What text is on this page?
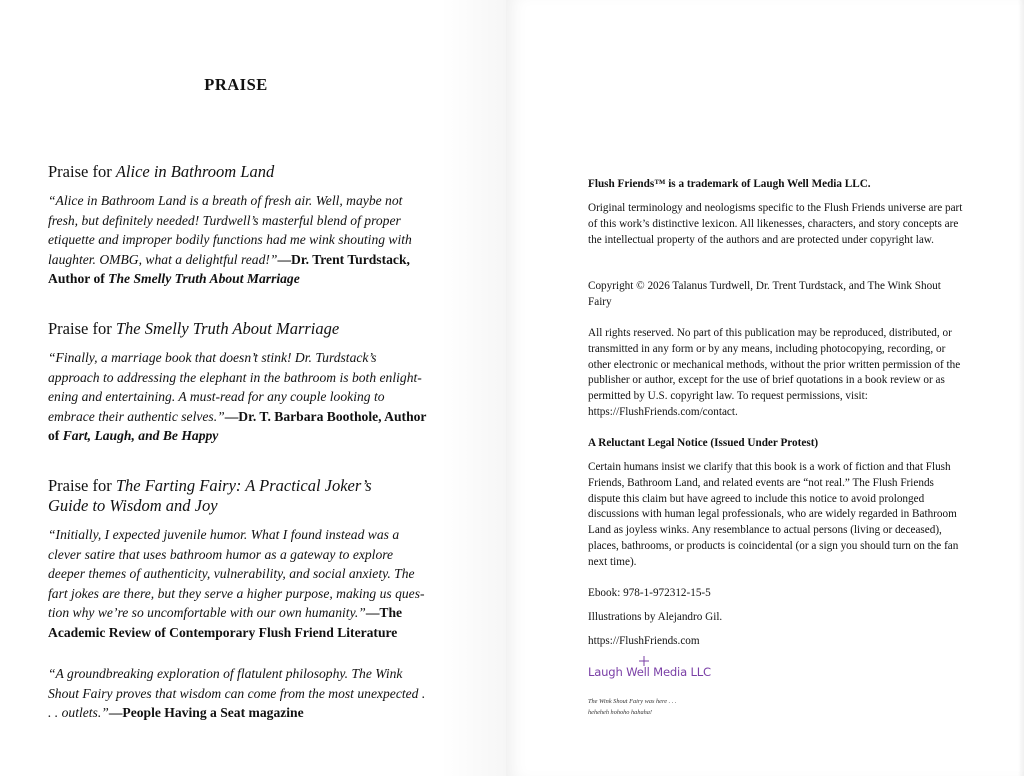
PRAISE
Praise for Alice in Bathroom Land

“Alice in Bathroom Land is a breath of fresh air. Well, maybe not fresh, but definitely needed! Turdwell’s masterful blend of proper etiquette and improper bodily functions had me wink shouting with laughter. OMBG, what a delightful read!”—Dr. Trent Turdstack, Author of The Smelly Truth About Marriage

Praise for The Smelly Truth About Marriage

“Finally, a marriage book that doesn’t stink! Dr. Turdstack’s approach to addressing the elephant in the bathroom is both enlight-ening and entertaining. A must-read for any couple looking to embrace their authentic selves.”—Dr. T. Barbara Boothole, Author of Fart, Laugh, and Be Happy

Praise for The Farting Fairy: A Practical Joker’s
Guide to Wisdom and Joy

“Initially, I expected juvenile humor. What I found instead was a clever satire that uses bathroom humor as a gateway to explore deeper themes of authenticity, vulnerability, and social anxiety. The fart jokes are there, but they serve a higher purpose, making us ques-tion why we’re so uncomfortable with our own humanity.”—The Academic Review of Contemporary Flush Friend Literature

“A groundbreaking exploration of flatulent philosophy. The Wink Shout Fairy proves that wisdom can come from the most unexpected . . . outlets.”—People Having a Seat magazine

Flush Friends™ is a trademark of Laugh Well Media LLC.

Original terminology and neologisms specific to the Flush Friends universe are part of this work’s distinctive lexicon. All likenesses, characters, and story concepts are the intellectual property of the authors and are protected under copyright law.

Copyright © 2026 Talanus Turdwell, Dr. Trent Turdstack, and The Wink Shout Fairy

All rights reserved. No part of this publication may be reproduced, distributed, or transmitted in any form or by any means, including photocopying, recording, or other electronic or mechanical methods, without the prior written permission of the publisher or author, except for the use of brief quotations in a book review or as permitted by U.S. copyright law. To request permissions, visit: https://FlushFriends.com/contact.

A Reluctant Legal Notice (Issued Under Protest)

Certain humans insist we clarify that this book is a work of fiction and that Flush Friends, Bathroom Land, and related events are “not real.” The Flush Friends dispute this claim but have agreed to include this notice to avoid prolonged discussions with human legal professionals, who are widely regarded in Bathroom Land as joyless winks. Any resemblance to actual persons (living or deceased), places, bathrooms, or products is coincidental (or a sign you should turn on the fan next time).

Ebook: 978-1-972312-15-5

Illustrations by Alejandro Gil.

https://FlushFriends.com

Laugh Well Media LLC
The Wink Shout Fairy was here . . .
heheheh hohoho hahaha!
